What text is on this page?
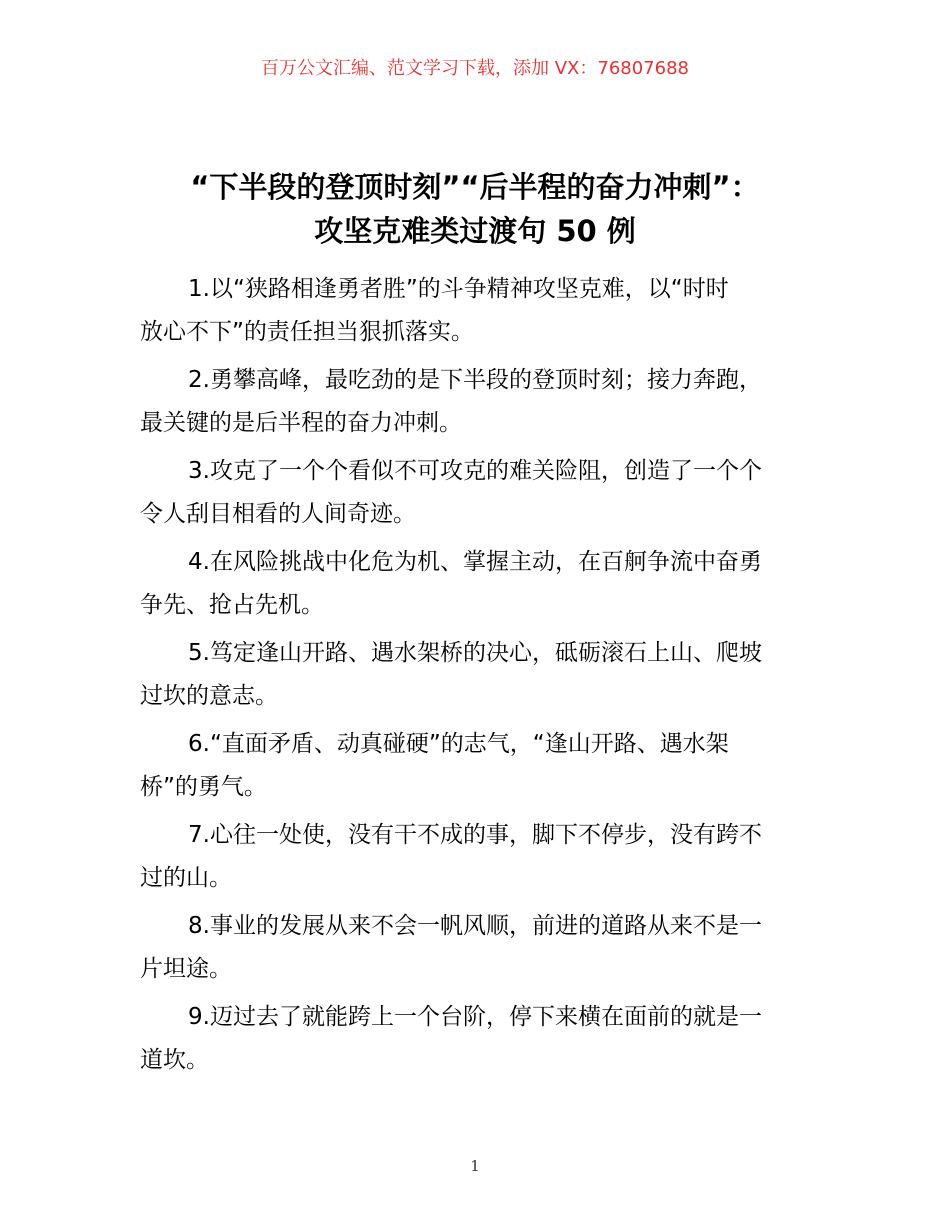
百万公文汇编、范文学习下载，添加 VX：76807688
“下半段的登顶时刻”“后半程的奋力冲刺”：
攻坚克难类过渡句 50 例

1.以“狭路相逢勇者胜”的斗争精神攻坚克难，以“时时
放心不下”的责任担当狠抓落实。

2.勇攀高峰，最吃劲的是下半段的登顶时刻；接力奔跑，
最关键的是后半程的奋力冲刺。

3.攻克了一个个看似不可攻克的难关险阻，创造了一个个
令人刮目相看的人间奇迹。

4.在风险挑战中化危为机、掌握主动，在百舸争流中奋勇
争先、抢占先机。

5.笃定逢山开路、遇水架桥的决心，砥砺滚石上山、爬坡
过坎的意志。

6.“直面矛盾、动真碰硬”的志气，“逢山开路、遇水架
桥”的勇气。

7.心往一处使，没有干不成的事，脚下不停步，没有跨不
过的山。

8.事业的发展从来不会一帆风顺，前进的道路从来不是一
片坦途。

9.迈过去了就能跨上一个台阶，停下来横在面前的就是一
道坎。

1
